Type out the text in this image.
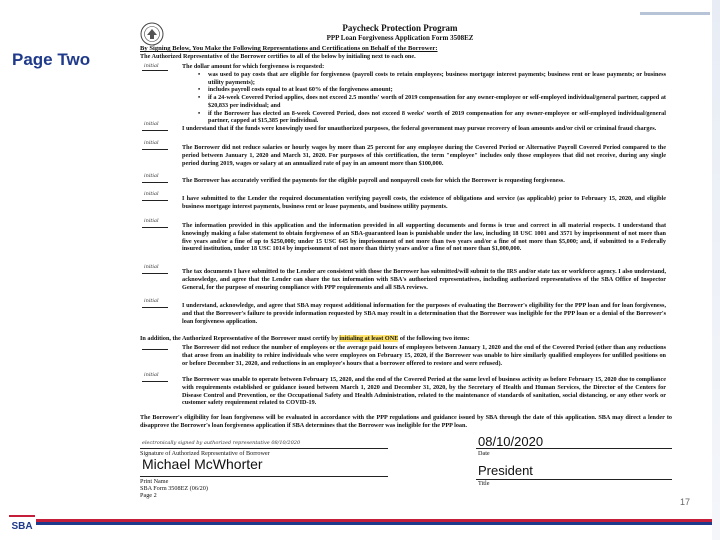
Page Two
Paycheck Protection Program
PPP Loan Forgiveness Application Form 3508EZ
By Signing Below, You Make the Following Representations and Certifications on Behalf of the Borrower:
The Authorized Representative of the Borrower certifies to all of the below by initialing next to each one.
initial	The dollar amount for which forgiveness is requested:
• was used to pay costs that are eligible for forgiveness (payroll costs to retain employees; business mortgage interest payments; business rent or lease payments; or business utility payments);
• includes payroll costs equal to at least 60% of the forgiveness amount;
• if a 24-week Covered Period applies, does not exceed 2.5 months' worth of 2019 compensation for any owner-employee or self-employed individual/general partner, capped at $20,833 per individual; and
• if the Borrower has elected an 8-week Covered Period, does not exceed 8 weeks' worth of 2019 compensation for any owner-employee or self-employed individual/general partner, capped at $15,385 per individual.
initial
I understand that if the funds were knowingly used for unauthorized purposes, the federal government may pursue recovery of loan amounts and/or civil or criminal fraud charges.
initial
The Borrower did not reduce salaries or hourly wages by more than 25 percent for any employee during the Covered Period or Alternative Payroll Covered Period compared to the period between January 1, 2020 and March 31, 2020. For purposes of this certification, the term "employee" includes only those employees that did not receive, during any single period during 2019, wages or salary at an annualized rate of pay in an amount more than $100,000.
initial
The Borrower has accurately verified the payments for the eligible payroll and nonpayroll costs for which the Borrower is requesting forgiveness.
initial
I have submitted to the Lender the required documentation verifying payroll costs, the existence of obligations and service (as applicable) prior to February 15, 2020, and eligible business mortgage interest payments, business rent or lease payments, and business utility payments.
initial
The information provided in this application and the information provided in all supporting documents and forms is true and correct in all material respects. I understand that knowingly making a false statement to obtain forgiveness of an SBA-guaranteed loan is punishable under the law, including 18 USC 1001 and 3571 by imprisonment of not more than five years and/or a fine of up to $250,000; under 15 USC 645 by imprisonment of not more than two years and/or a fine of not more than $5,000; and, if submitted to a Federally insured institution, under 18 USC 1014 by imprisonment of not more than thirty years and/or a fine of not more than $1,000,000.
initial
The tax documents I have submitted to the Lender are consistent with those the Borrower has submitted/will submit to the IRS and/or state tax or workforce agency. I also understand, acknowledge, and agree that the Lender can share the tax information with SBA's authorized representatives, including authorized representatives of the SBA Office of Inspector General, for the purpose of ensuring compliance with PPP requirements and all SBA reviews.
initial
I understand, acknowledge, and agree that SBA may request additional information for the purposes of evaluating the Borrower's eligibility for the PPP loan and for loan forgiveness, and that the Borrower's failure to provide information requested by SBA may result in a determination that the Borrower was ineligible for the PPP loan or a denial of the Borrower's loan forgiveness application.
In addition, the Authorized Representative of the Borrower must certify by initialing at least ONE of the following two items:
The Borrower did not reduce the number of employees or the average paid hours of employees between January 1, 2020 and the end of the Covered Period (other than any reductions that arose from an inability to rehire individuals who were employees on February 15, 2020, if the Borrower was unable to hire similarly qualified employees for unfilled positions on or before December 31, 2020, and reductions in an employee's hours that a borrower offered to restore and were refused).
initial
The Borrower was unable to operate between February 15, 2020, and the end of the Covered Period at the same level of business activity as before February 15, 2020 due to compliance with requirements established or guidance issued between March 1, 2020 and December 31, 2020, by the Secretary of Health and Human Services, the Director of the Centers for Disease Control and Prevention, or the Occupational Safety and Health Administration, related to the maintenance of standards of sanitation, social distancing, or any other work or customer safety requirement related to COVID-19.
The Borrower's eligibility for loan forgiveness will be evaluated in accordance with the PPP regulations and guidance issued by SBA through the date of this application. SBA may direct a lender to disapprove the Borrower's loan forgiveness application if SBA determines that the Borrower was ineligible for the PPP loan.
electronically signed by authorized representative 08/10/2020	08/10/2020
Signature of Authorized Representative of Borrower	Date
Michael McWhorter	President
Print Name	Title
SBA Form 3508EZ (06/20)
Page 2
17
SBA
